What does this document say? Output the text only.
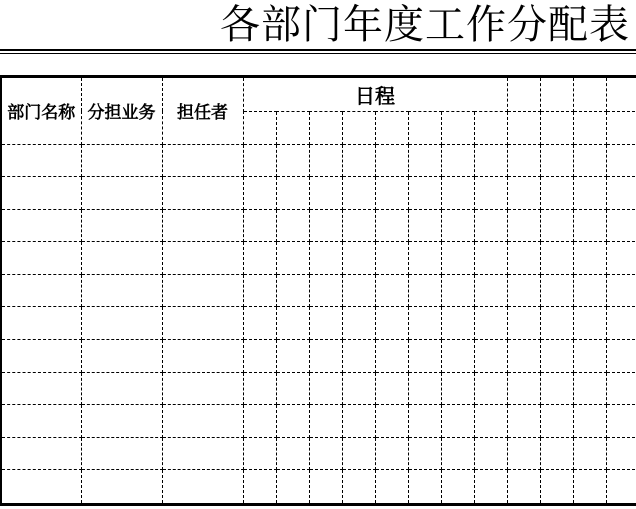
各部门年度工作分配表
部门名称	分担业务	担任者	日程											
